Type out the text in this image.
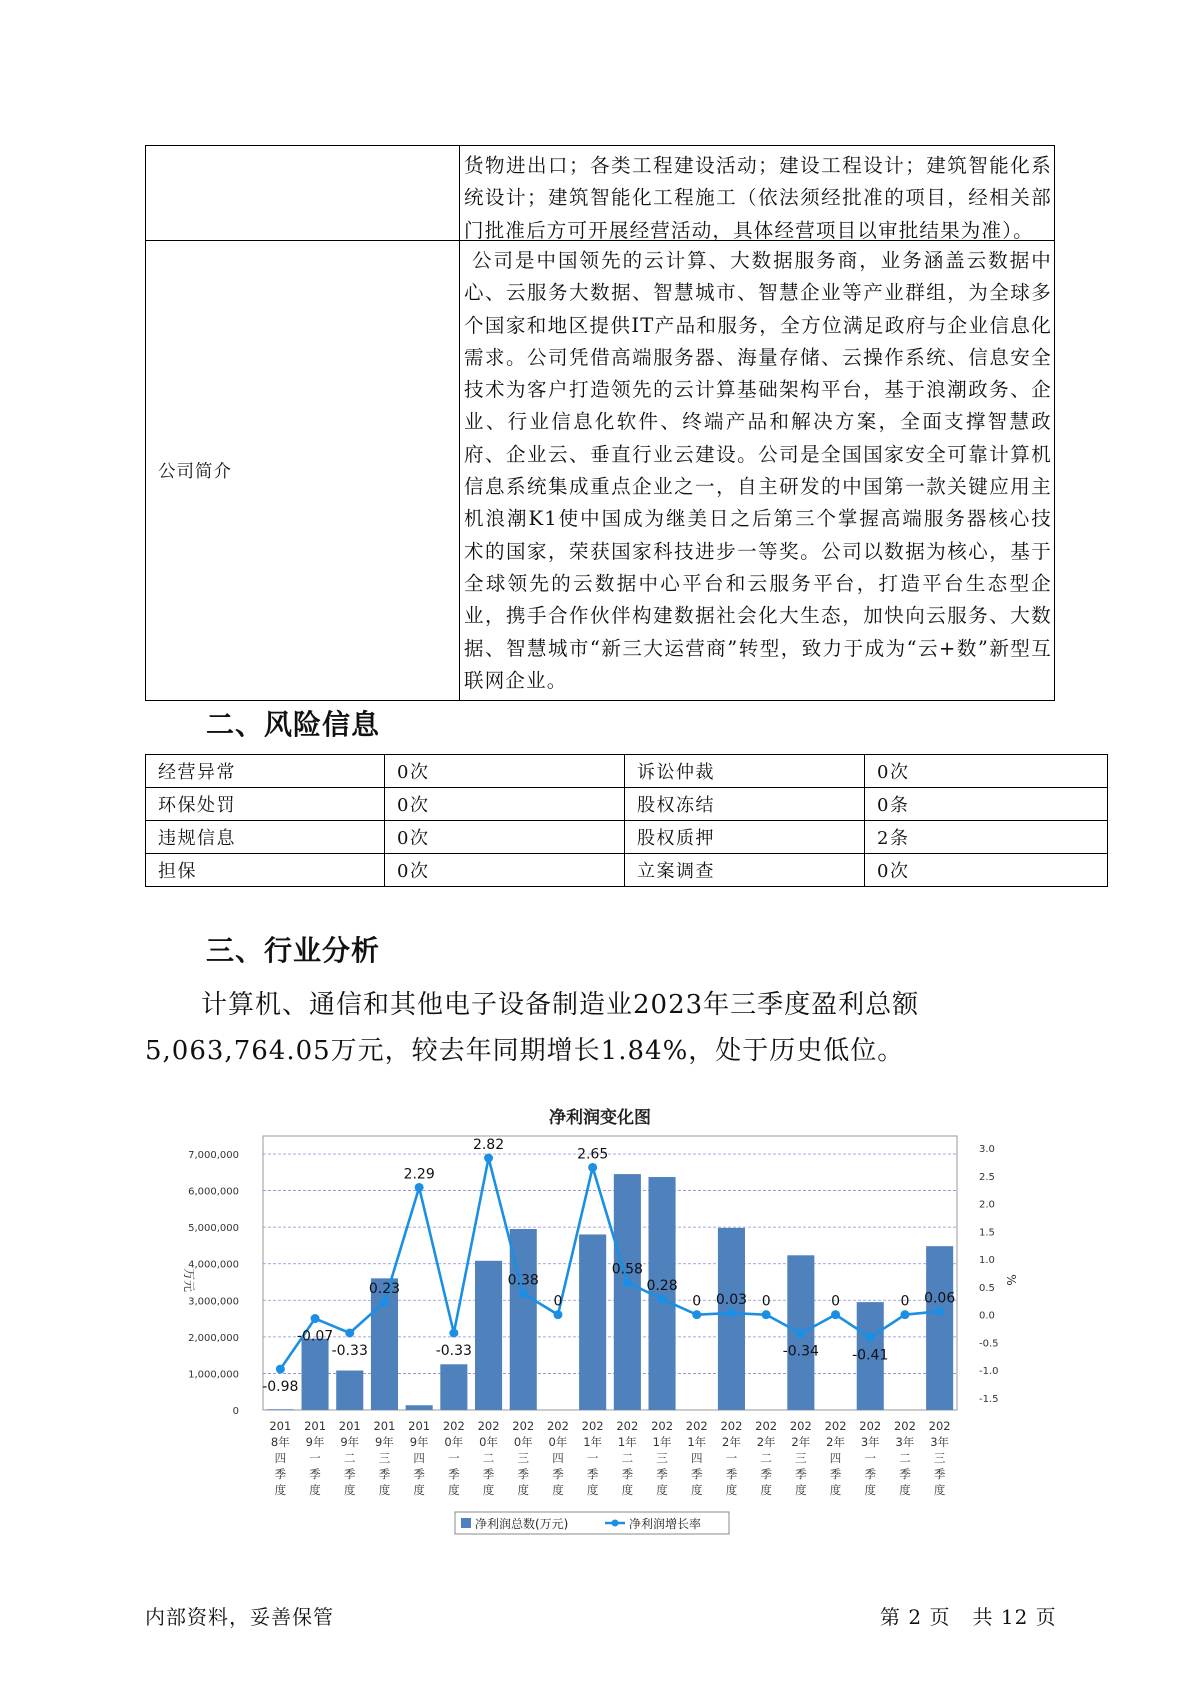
	货物进出口；各类工程建设活动；建设工程设计；建筑智能化系统设计；建筑智能化工程施工（依法须经批准的项目，经相关部门批准后方可开展经营活动，具体经营项目以审批结果为准）。

公司简介	公司是中国领先的云计算、大数据服务商，业务涵盖云数据中心、云服务大数据、智慧城市、智慧企业等产业群组，为全球多个国家和地区提供IT产品和服务，全方位满足政府与企业信息化需求。公司凭借高端服务器、海量存储、云操作系统、信息安全技术为客户打造领先的云计算基础架构平台，基于浪潮政务、企业、行业信息化软件、终端产品和解决方案，全面支撑智慧政府、企业云、垂直行业云建设。公司是全国国家安全可靠计算机信息系统集成重点企业之一，自主研发的中国第一款关键应用主机浪潮K1使中国成为继美日之后第三个掌握高端服务器核心技术的国家，荣获国家科技进步一等奖。公司以数据为核心，基于全球领先的云数据中心平台和云服务平台，打造平台生态型企业，携手合作伙伴构建数据社会化大生态，加快向云服务、大数据、智慧城市“新三大运营商”转型，致力于成为“云+数”新型互联网企业。
二、风险信息
经营异常	0次	诉讼仲裁	0次
环保处罚	0次	股权冻结	0条
违规信息	0次	股权质押	2条
担保	0次	立案调查	0次
三、行业分析

计算机、通信和其他电子设备制造业2023年三季度盈利总额5,063,764.05万元，较去年同期增长1.84%，处于历史低位。

净利润变化图
0
1,000,000
2,000,000
3,000,000
4,000,000
5,000,000
6,000,000
7,000,000
-1.5
-1.0
-0.5
0.0
0.5
1.0
1.5
2.0
2.5
3.0
万元	%
-0.98
-0.07
-0.33
0.23
2.29
-0.33
2.82
0.38
0
2.65
0.58
0.28
0 0.03 0
-0.34
0
-0.41
0 0.06
201 8年四季度
201 9年一季度
201 9年二季度
201 9年三季度
201 9年四季度
202 0年一季度
202 0年二季度
202 0年三季度
202 0年四季度
202 1年一季度
202 1年二季度
202 1年三季度
202 1年四季度
202 2年一季度
202 2年二季度
202 2年三季度
202 2年四季度
202 3年一季度
202 3年二季度
202 3年三季度
净利润总数(万元)	净利润增长率
内部资料，妥善保管	第 2 页   共 12 页
